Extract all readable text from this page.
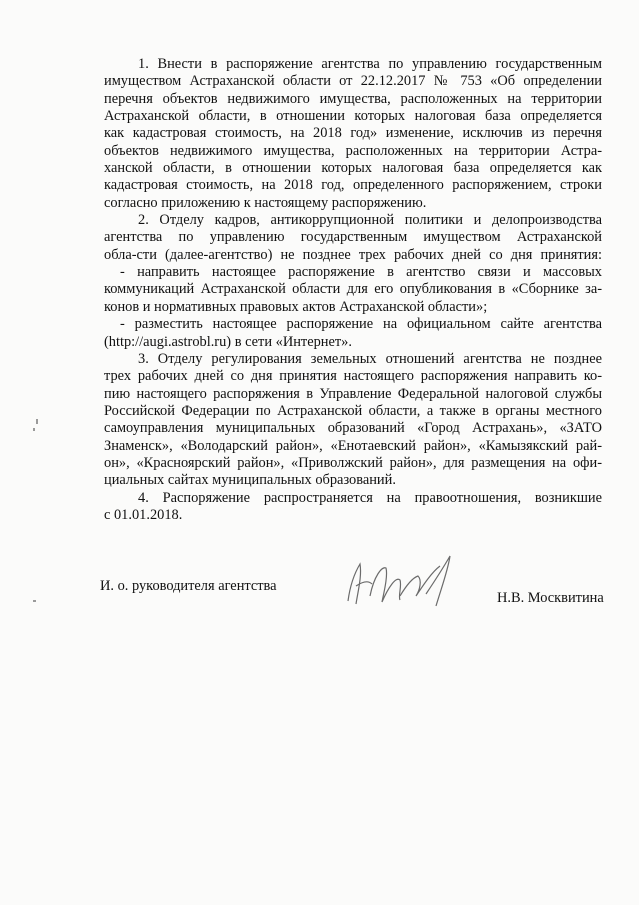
1. Внести в распоряжение агентства по управлению государственным
имуществом Астраханской области от 22.12.2017 № 753 «Об определении
перечня объектов недвижимого имущества, расположенных на территории
Астраханской области, в отношении которых налоговая база определяется
как кадастровая стоимость, на 2018 год» изменение, исключив из перечня
объектов недвижимого имущества, расположенных на территории Астра-
ханской области, в отношении которых налоговая база определяется как
кадастровая стоимость, на 2018 год, определенного распоряжением, строки
согласно приложению к настоящему распоряжению.
2. Отделу кадров, антикоррупционной политики и делопроизводства
агентства по управлению государственным имуществом Астраханской
обла-сти (далее-агентство) не позднее трех рабочих дней со дня принятия:
- направить настоящее распоряжение в агентство связи и массовых
коммуникаций Астраханской области для его опубликования в «Сборнике за-
конов и нормативных правовых актов Астраханской области»;
- разместить настоящее распоряжение на официальном сайте агентства
(http://augi.astrobl.ru) в сети «Интернет».
3. Отделу регулирования земельных отношений агентства не позднее
трех рабочих дней со дня принятия настоящего распоряжения направить ко-
пию настоящего распоряжения в Управление Федеральной налоговой службы
Российской Федерации по Астраханской области, а также в органы местного
самоуправления муниципальных образований «Город Астрахань», «ЗАТО
Знаменск», «Володарский район», «Енотаевский район», «Камызякский рай-
он», «Красноярский район», «Приволжский район», для размещения на офи-
циальных сайтах муниципальных образований.
4. Распоряжение распространяется на правоотношения, возникшие
с 01.01.2018.
И. о. руководителя агентства
Н.В. Москвитина
